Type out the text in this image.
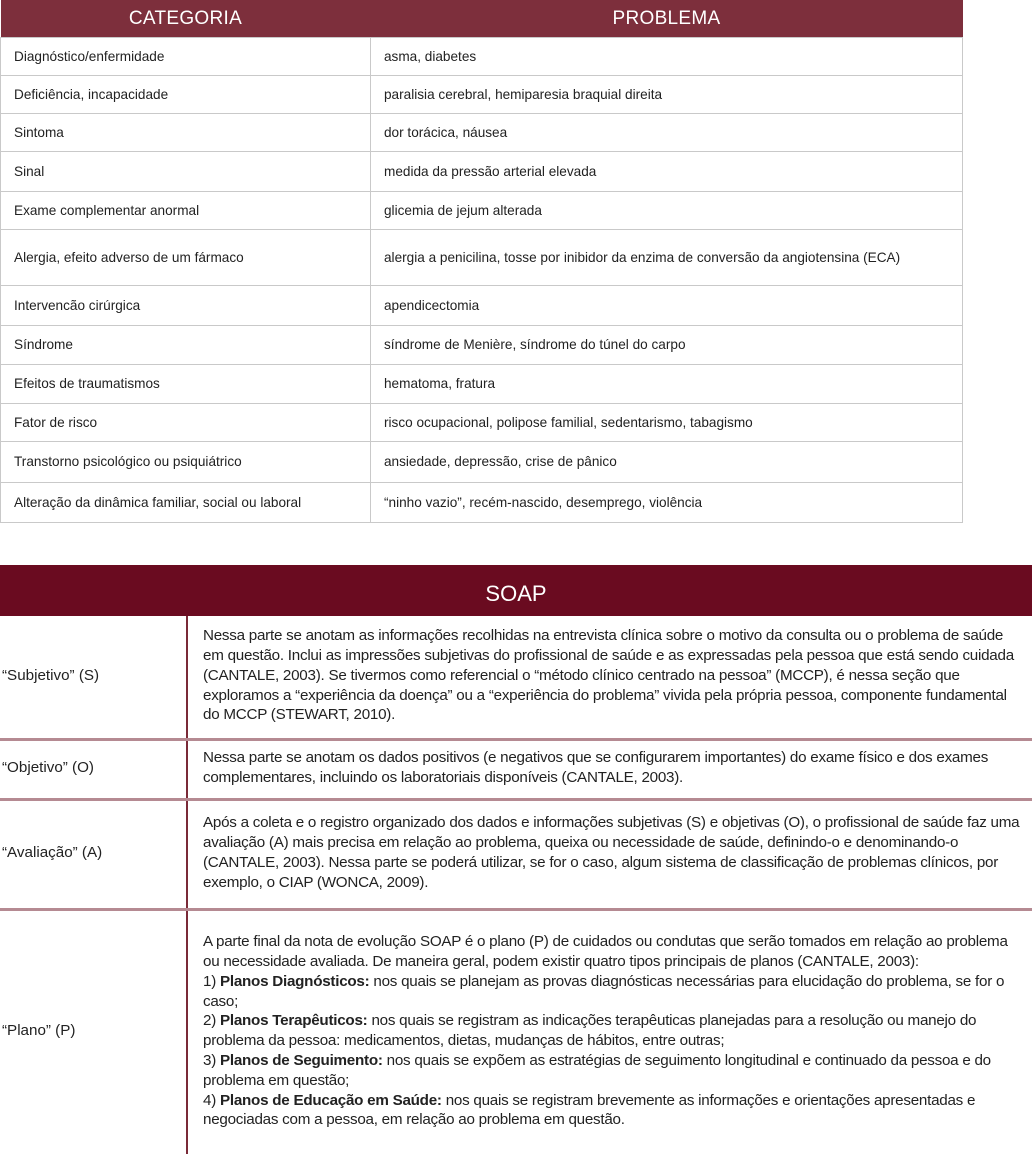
CATEGORIA	PROBLEMA
Diagnóstico/enfermidade	asma, diabetes
Deficiência, incapacidade	paralisia cerebral, hemiparesia braquial direita
Sintoma	dor torácica, náusea
Sinal	medida da pressão arterial elevada
Exame complementar anormal	glicemia de jejum alterada
Alergia, efeito adverso de um fármaco	alergia a penicilina, tosse por inibidor da enzima de conversão da angiotensina (ECA)
Intervencão cirúrgica	apendicectomia
Síndrome	síndrome de Menière, síndrome do túnel do carpo
Efeitos de traumatismos	hematoma, fratura
Fator de risco	risco ocupacional, polipose familial, sedentarismo, tabagismo
Transtorno psicológico ou psiquiátrico	ansiedade, depressão, crise de pânico
Alteração da dinâmica familiar, social ou laboral	“ninho vazio”, recém-nascido, desemprego, violência
SOAP	
“Subjetivo” (S)	Nessa parte se anotam as informações recolhidas na entrevista clínica sobre o motivo da consulta ou o problema de saúde em questão. Inclui as impressões subjetivas do profissional de saúde e as expressadas pela pessoa que está sendo cuidada (CANTALE, 2003). Se tivermos como referencial o “método clínico centrado na pessoa” (MCCP), é nessa seção que exploramos a “experiência da doença” ou a “experiência do problema” vivida pela própria pessoa, componente fundamental do MCCP (STEWART, 2010).
“Objetivo” (O)	Nessa parte se anotam os dados positivos (e negativos que se configurarem importantes) do exame físico e dos exames complementares, incluindo os laboratoriais disponíveis (CANTALE, 2003).
“Avaliação” (A)	Após a coleta e o registro organizado dos dados e informações subjetivas (S) e objetivas (O), o profissional de saúde faz uma avaliação (A) mais precisa em relação ao problema, queixa ou necessidade de saúde, definindo-o e denominando-o (CANTALE, 2003). Nessa parte se poderá utilizar, se for o caso, algum sistema de classificação de problemas clínicos, por exemplo, o CIAP (WONCA, 2009).
“Plano” (P)	A parte final da nota de evolução SOAP é o plano (P) de cuidados ou condutas que serão tomados em relação ao problema ou necessidade avaliada. De maneira geral, podem existir quatro tipos principais de planos (CANTALE, 2003):
1) Planos Diagnósticos: nos quais se planejam as provas diagnósticas necessárias para elucidação do problema, se for o caso;
2) Planos Terapêuticos: nos quais se registram as indicações terapêuticas planejadas para a resolução ou manejo do problema da pessoa: medicamentos, dietas, mudanças de hábitos, entre outras;
3) Planos de Seguimento: nos quais se expõem as estratégias de seguimento longitudinal e continuado da pessoa e do problema em questão;
4) Planos de Educação em Saúde: nos quais se registram brevemente as informações e orientações apresentadas e negociadas com a pessoa, em relação ao problema em questão.
